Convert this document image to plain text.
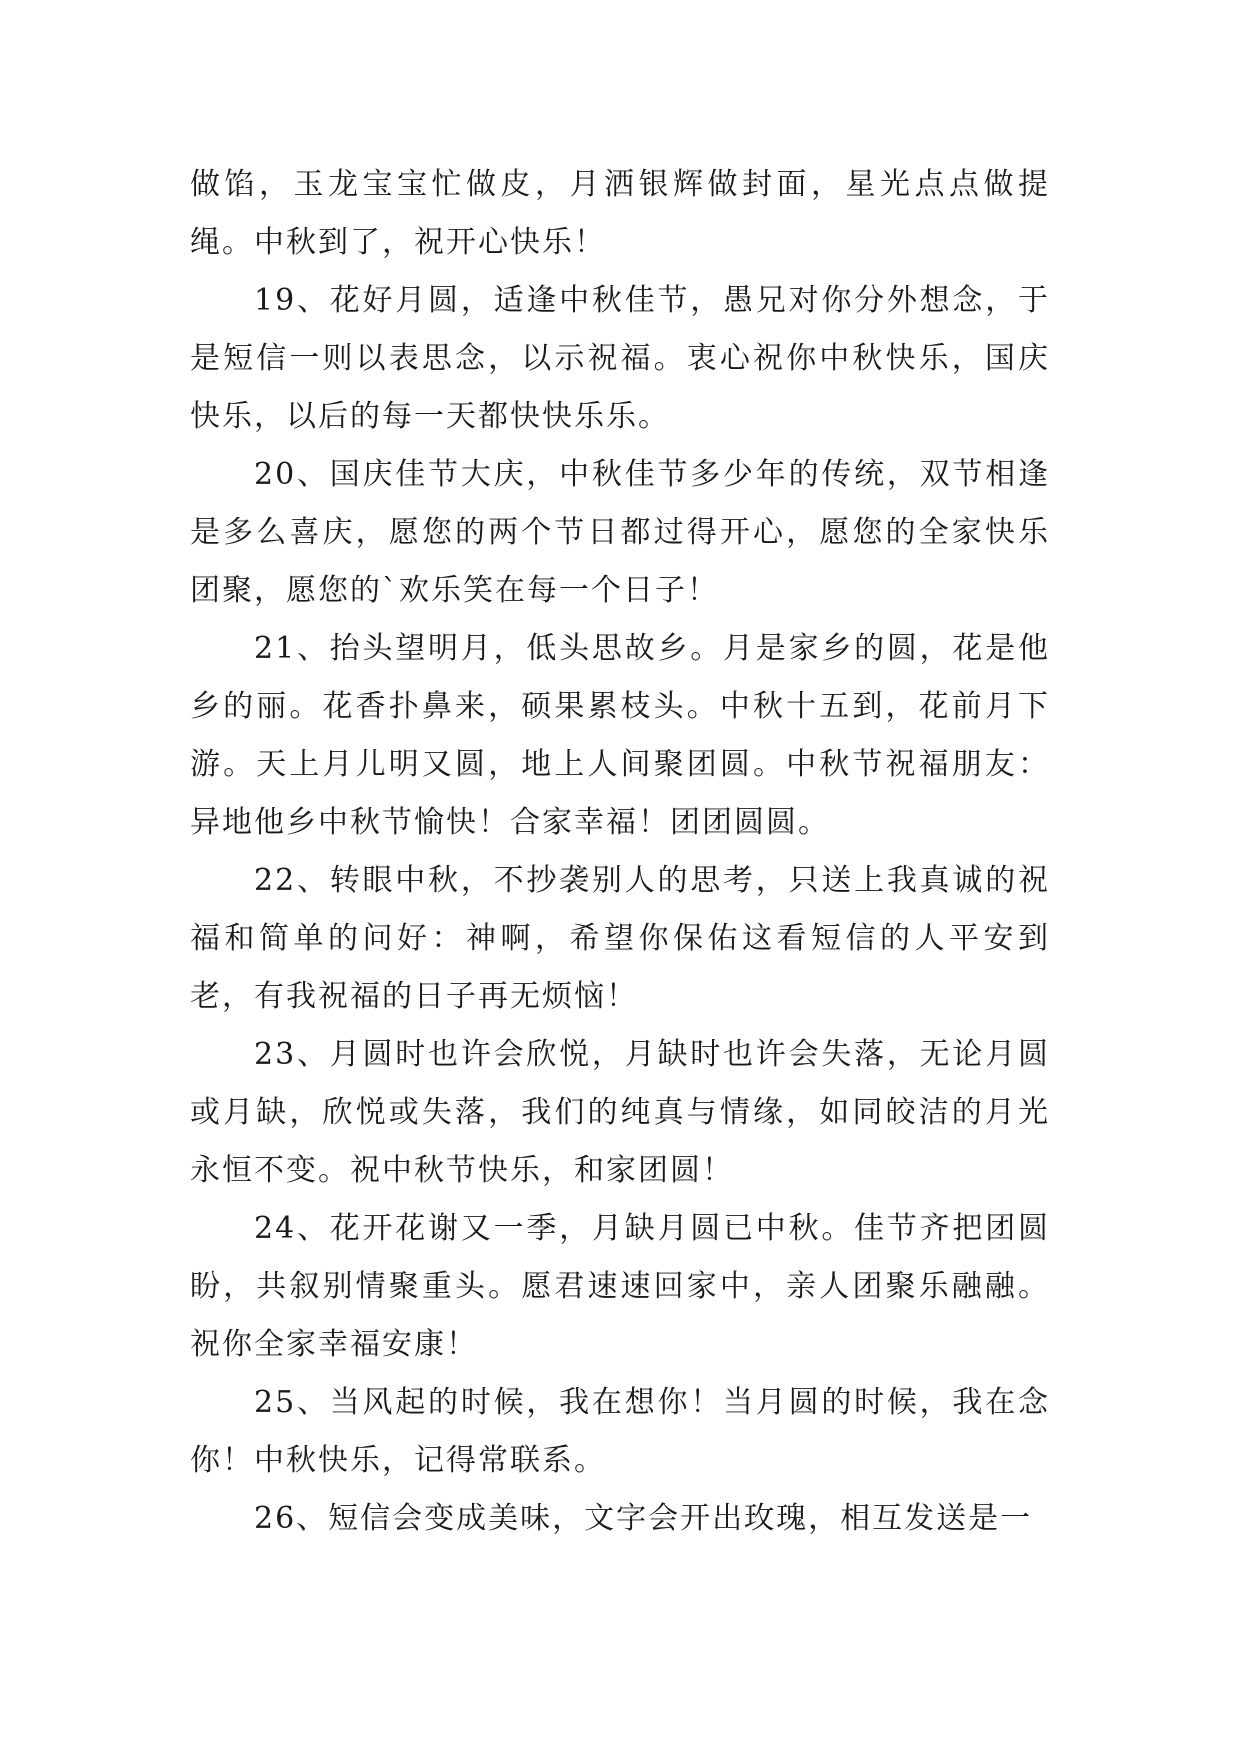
做馅，玉龙宝宝忙做皮，月洒银辉做封面，星光点点做提绳。中秋到了，祝开心快乐！

19、花好月圆，适逢中秋佳节，愚兄对你分外想念，于是短信一则以表思念，以示祝福。衷心祝你中秋快乐，国庆快乐，以后的每一天都快快乐乐。

20、国庆佳节大庆，中秋佳节多少年的传统，双节相逢是多么喜庆，愿您的两个节日都过得开心，愿您的全家快乐团聚，愿您的`欢乐笑在每一个日子！

21、抬头望明月，低头思故乡。月是家乡的圆，花是他乡的丽。花香扑鼻来，硕果累枝头。中秋十五到，花前月下游。天上月儿明又圆，地上人间聚团圆。中秋节祝福朋友：异地他乡中秋节愉快！合家幸福！团团圆圆。

22、转眼中秋，不抄袭别人的思考，只送上我真诚的祝福和简单的问好：神啊，希望你保佑这看短信的人平安到老，有我祝福的日子再无烦恼！

23、月圆时也许会欣悦，月缺时也许会失落，无论月圆或月缺，欣悦或失落，我们的纯真与情缘，如同皎洁的月光永恒不变。祝中秋节快乐，和家团圆！

24、花开花谢又一季，月缺月圆已中秋。佳节齐把团圆盼，共叙别情聚重头。愿君速速回家中，亲人团聚乐融融。祝你全家幸福安康！

25、当风起的时候，我在想你！当月圆的时候，我在念你！中秋快乐，记得常联系。

26、短信会变成美味，文字会开出玫瑰，相互发送是一
